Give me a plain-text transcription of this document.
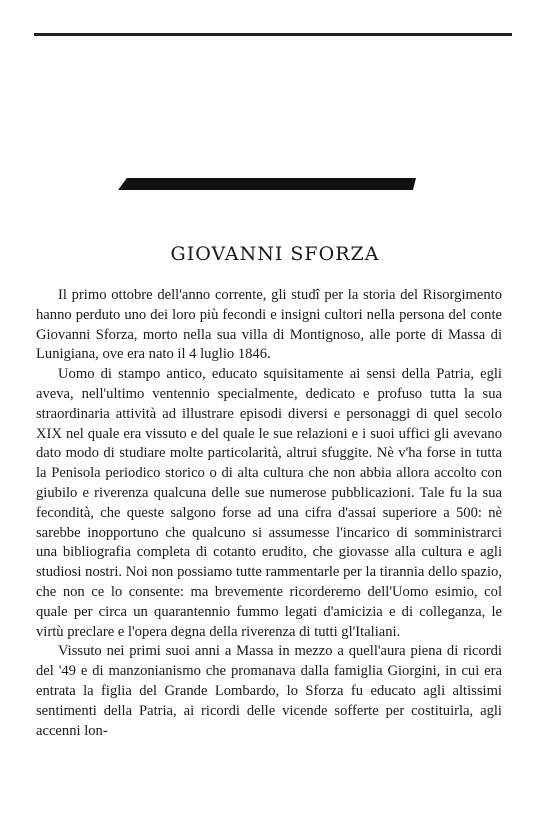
GIOVANNI SFORZA

Il primo ottobre dell'anno corrente, gli studî per la storia del Risorgimento hanno perduto uno dei loro più fecondi e insigni cultori nella persona del conte Giovanni Sforza, morto nella sua villa di Montignoso, alle porte di Massa di Lunigiana, ove era nato il 4 luglio 1846.

Uomo di stampo antico, educato squisitamente ai sensi della Patria, egli aveva, nell'ultimo ventennio specialmente, dedicato e profuso tutta la sua straordinaria attività ad illustrare episodi diversi e personaggi di quel secolo XIX nel quale era vissuto e del quale le sue relazioni e i suoi uffici gli avevano dato modo di studiare molte particolarità, altrui sfuggite. Nè v'ha forse in tutta la Penisola periodico storico o di alta cultura che non abbia allora accolto con giubilo e riverenza qualcuna delle sue numerose pubblicazioni. Tale fu la sua fecondità, che queste salgono forse ad una cifra d'assai superiore a 500: nè sarebbe inopportuno che qualcuno si assumesse l'incarico di somministrarci una bibliografia completa di cotanto erudito, che giovasse alla cultura e agli studiosi nostri. Noi non possiamo tutte rammentarle per la tirannia dello spazio, che non ce lo consente: ma brevemente ricorderemo dell'Uomo esimio, col quale per circa un quarantennio fummo legati d'amicizia e di colleganza, le virtù preclare e l'opera degna della riverenza di tutti gl'Italiani.

Vissuto nei primi suoi anni a Massa in mezzo a quell'aura piena di ricordi del '49 e di manzonianismo che promanava dalla famiglia Giorgini, in cui era entrata la figlia del Grande Lombardo, lo Sforza fu educato agli altissimi sentimenti della Patria, ai ricordi delle vicende sofferte per costituirla, agli accenni lon-
